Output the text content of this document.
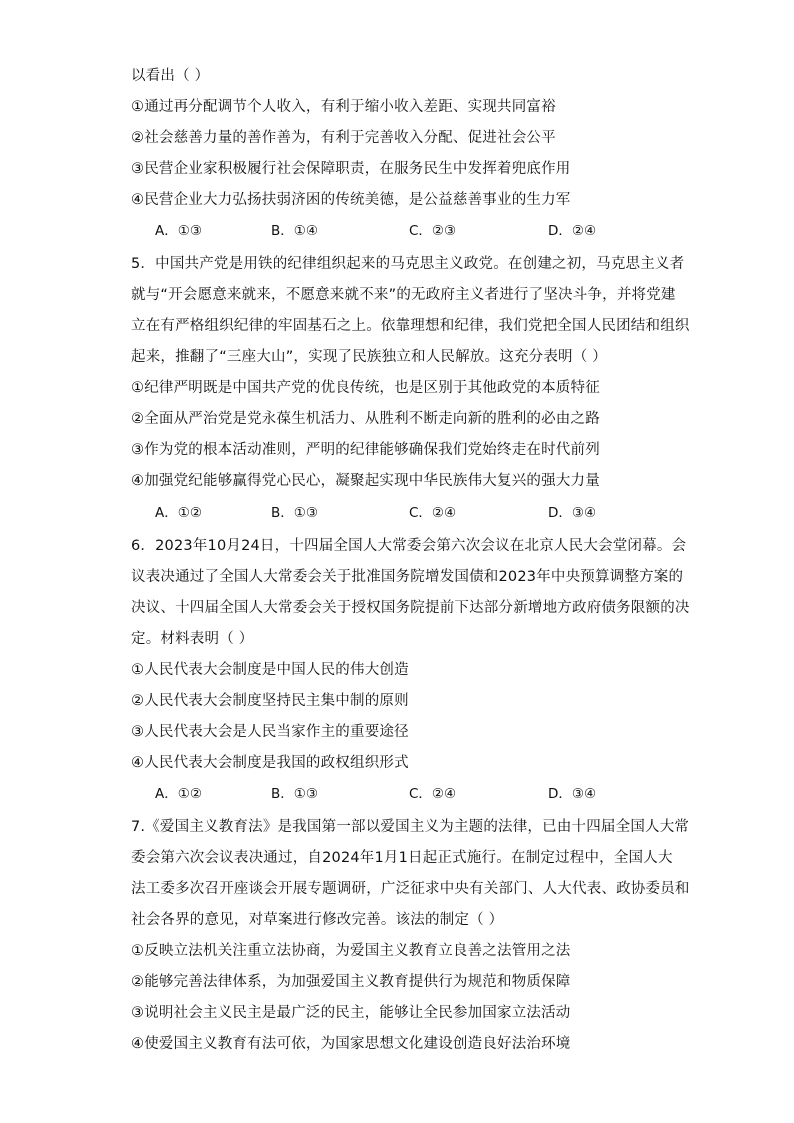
以看出（ ）
①通过再分配调节个人收入，有利于缩小收入差距、实现共同富裕
②社会慈善力量的善作善为，有利于完善收入分配、促进社会公平
③民营企业家积极履行社会保障职责，在服务民生中发挥着兜底作用
④民营企业大力弘扬扶弱济困的传统美德，是公益慈善事业的生力军
A．①③	B．①④	C．②③	D．②④
5．中国共产党是用铁的纪律组织起来的马克思主义政党。在创建之初，马克思主义者
就与“开会愿意来就来，不愿意来就不来”的无政府主义者进行了坚决斗争，并将党建
立在有严格组织纪律的牢固基石之上。依靠理想和纪律，我们党把全国人民团结和组织
起来，推翻了“三座大山”，实现了民族独立和人民解放。这充分表明（ ）
①纪律严明既是中国共产党的优良传统，也是区别于其他政党的本质特征
②全面从严治党是党永葆生机活力、从胜利不断走向新的胜利的必由之路
③作为党的根本活动准则，严明的纪律能够确保我们党始终走在时代前列
④加强党纪能够赢得党心民心，凝聚起实现中华民族伟大复兴的强大力量
A．①②	B．①③	C．②④	D．③④
6．2023年10月24日，十四届全国人大常委会第六次会议在北京人民大会堂闭幕。会
议表决通过了全国人大常委会关于批准国务院增发国债和2023年中央预算调整方案的
决议、十四届全国人大常委会关于授权国务院提前下达部分新增地方政府债务限额的决
定。材料表明（ ）
①人民代表大会制度是中国人民的伟大创造
②人民代表大会制度坚持民主集中制的原则
③人民代表大会是人民当家作主的重要途径
④人民代表大会制度是我国的政权组织形式
A．①②	B．①③	C．②④	D．③④
7.《爱国主义教育法》是我国第一部以爱国主义为主题的法律，已由十四届全国人大常
委会第六次会议表决通过，自2024年1月1日起正式施行。在制定过程中，全国人大
法工委多次召开座谈会开展专题调研，广泛征求中央有关部门、人大代表、政协委员和
社会各界的意见，对草案进行修改完善。该法的制定（ ）
①反映立法机关注重立法协商，为爱国主义教育立良善之法管用之法
②能够完善法律体系，为加强爱国主义教育提供行为规范和物质保障
③说明社会主义民主是最广泛的民主，能够让全民参加国家立法活动
④使爱国主义教育有法可依，为国家思想文化建设创造良好法治环境
